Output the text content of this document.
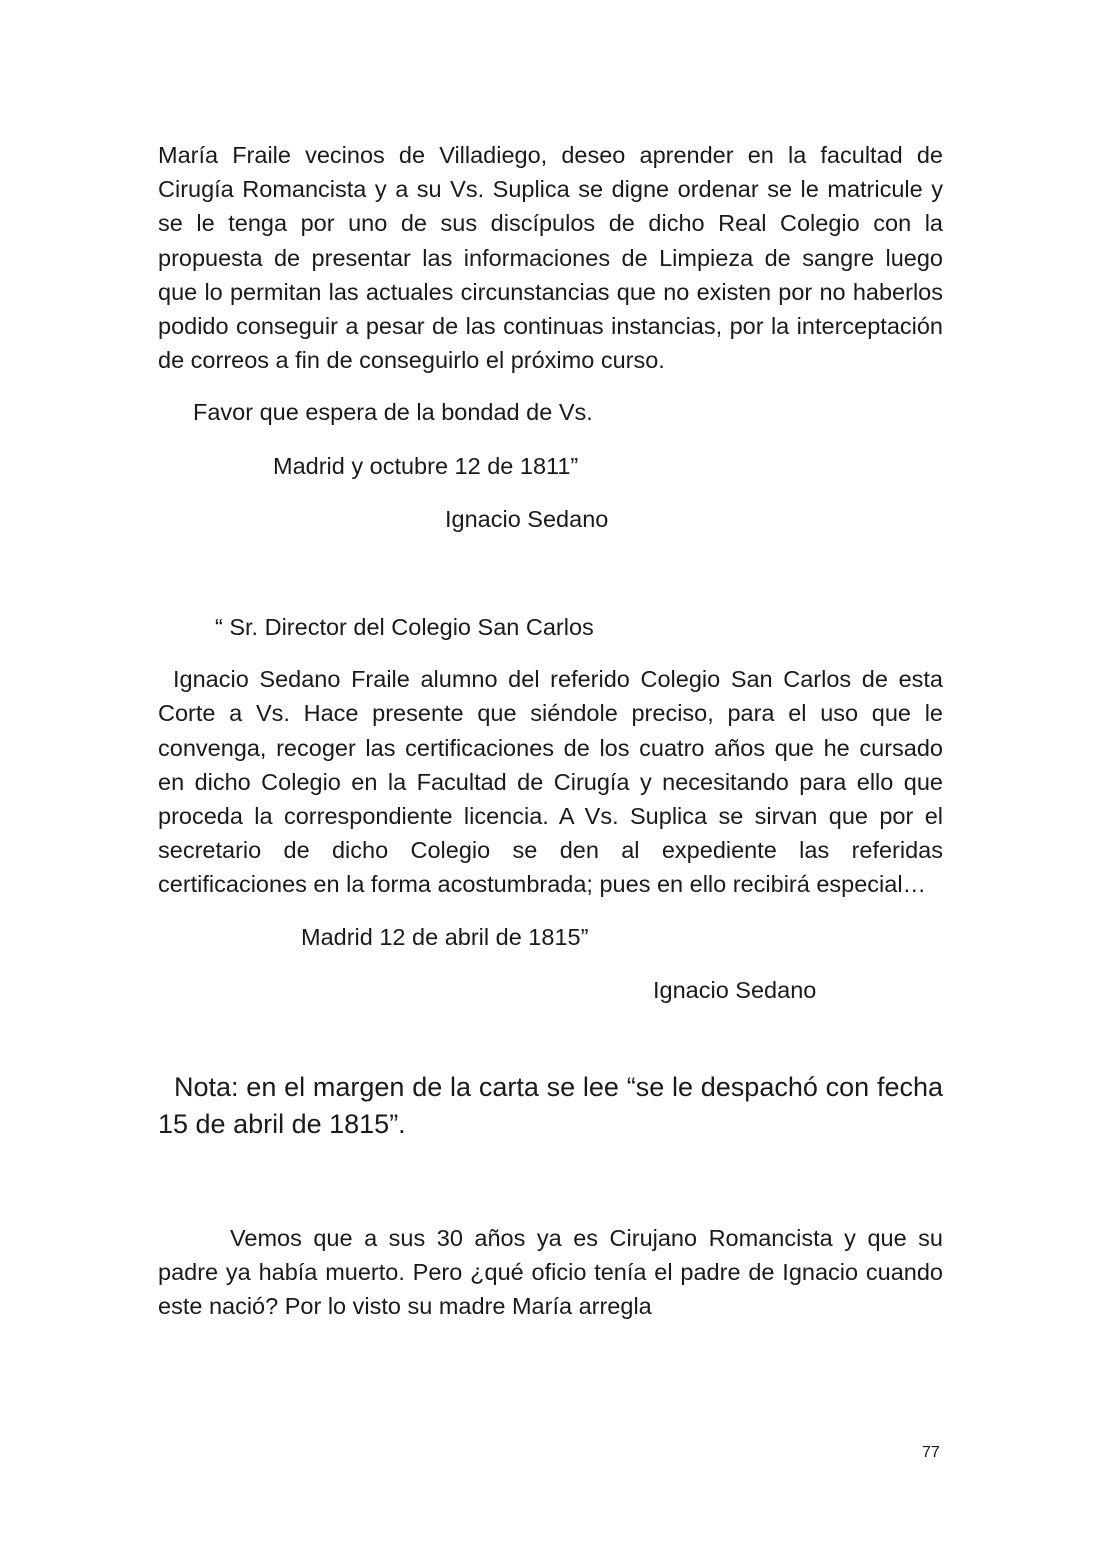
María Fraile vecinos de Villadiego, deseo aprender en la facultad de Cirugía Romancista y a su Vs. Suplica se digne ordenar se le matricule y se le tenga por uno de sus discípulos de dicho Real Colegio con la propuesta de presentar las informaciones de Limpieza de sangre luego que lo permitan las actuales circunstancias que no existen por no haberlos podido conseguir a pesar de las continuas instancias, por la interceptación de correos a fin de conseguirlo el próximo curso.

Favor que espera de la bondad de Vs.

Madrid y octubre 12 de 1811”

Ignacio Sedano

“ Sr. Director del Colegio San Carlos

Ignacio Sedano Fraile alumno del referido Colegio San Carlos de esta Corte a Vs. Hace presente que siéndole preciso, para el uso que le convenga, recoger las certificaciones de los cuatro años que he cursado en dicho Colegio en la Facultad de Cirugía y necesitando para ello que proceda la correspondiente licencia. A Vs. Suplica se sirvan que por el secretario de dicho Colegio se den al expediente las referidas certificaciones en la forma acostumbrada; pues en ello recibirá especial…

Madrid 12 de abril de 1815”

Ignacio Sedano

Nota: en el margen de la carta se lee “se le despachó con fecha 15 de abril de 1815”.

Vemos que a sus 30 años ya es Cirujano Romancista y que su padre ya había muerto. Pero ¿qué oficio tenía el padre de Ignacio cuando este nació? Por lo visto su madre María arregla

77
